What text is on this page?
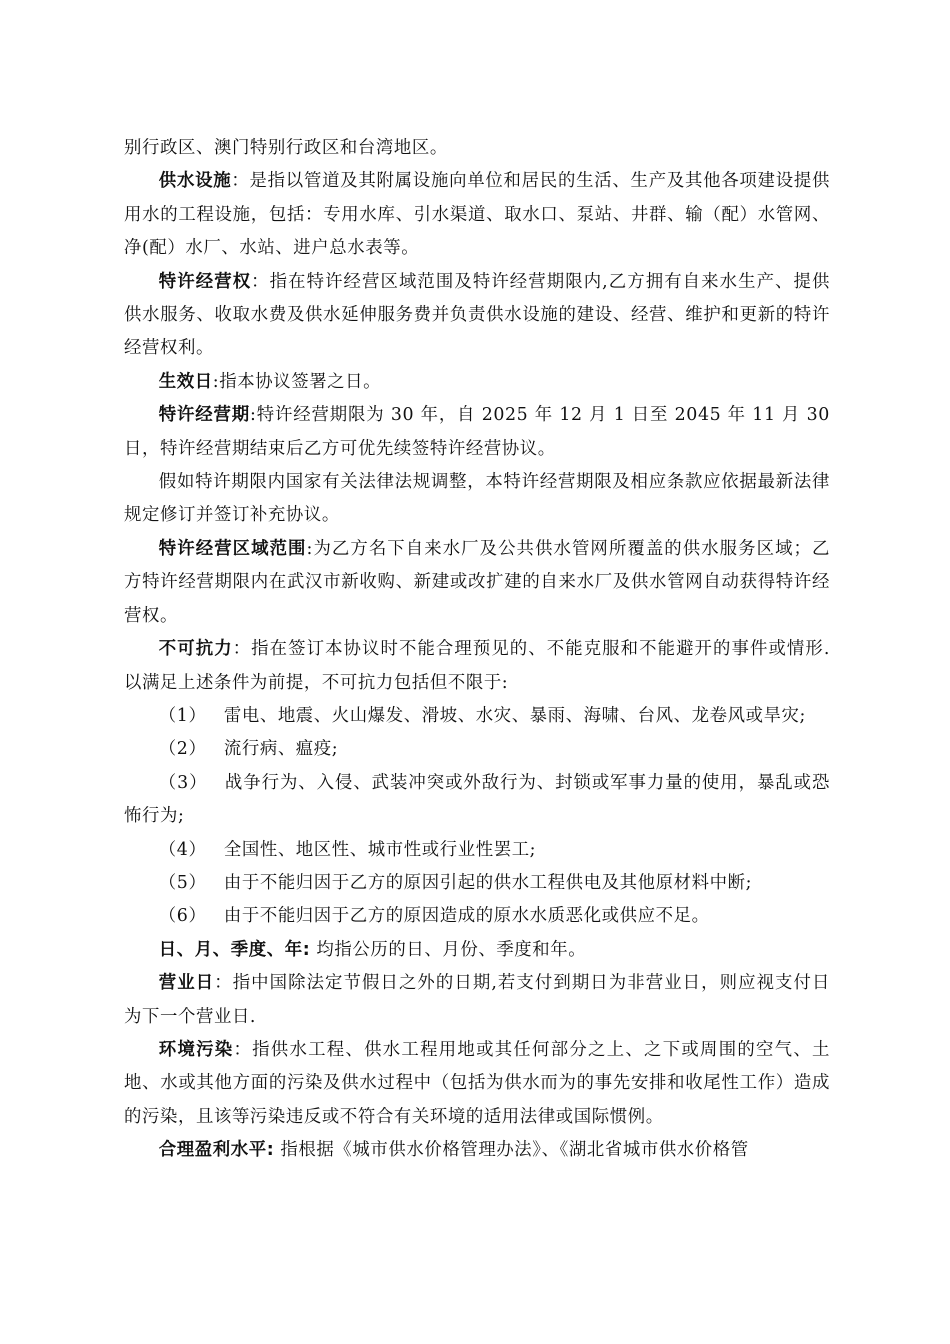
别行政区、澳门特别行政区和台湾地区。

供水设施：是指以管道及其附属设施向单位和居民的生活、生产及其他各项建设提供用水的工程设施，包括：专用水库、引水渠道、取水口、泵站、井群、输（配）水管网、净(配）水厂、水站、进户总水表等。

特许经营权：指在特许经营区域范围及特许经营期限内,乙方拥有自来水生产、提供供水服务、收取水费及供水延伸服务费并负责供水设施的建设、经营、维护和更新的特许经营权利。

生效日:指本协议签署之日。

特许经营期:特许经营期限为 30 年，自 2025 年 12 月 1 日至 2045 年 11 月 30 日，特许经营期结束后乙方可优先续签特许经营协议。

假如特许期限内国家有关法律法规调整，本特许经营期限及相应条款应依据最新法律规定修订并签订补充协议。

特许经营区域范围:为乙方名下自来水厂及公共供水管网所覆盖的供水服务区域；乙方特许经营期限内在武汉市新收购、新建或改扩建的自来水厂及供水管网自动获得特许经营权。

不可抗力：指在签订本协议时不能合理预见的、不能克服和不能避开的事件或情形.以满足上述条件为前提，不可抗力包括但不限于:

（1） 雷电、地震、火山爆发、滑坡、水灾、暴雨、海啸、台风、龙卷风或旱灾;

（2） 流行病、瘟疫;

（3） 战争行为、入侵、武装冲突或外敌行为、封锁或军事力量的使用，暴乱或恐怖行为;

（4） 全国性、地区性、城市性或行业性罢工;

（5） 由于不能归因于乙方的原因引起的供水工程供电及其他原材料中断;

（6） 由于不能归因于乙方的原因造成的原水水质恶化或供应不足。

日、月、季度、年: 均指公历的日、月份、季度和年。

营业日：指中国除法定节假日之外的日期,若支付到期日为非营业日，则应视支付日为下一个营业日.

环境污染：指供水工程、供水工程用地或其任何部分之上、之下或周围的空气、土地、水或其他方面的污染及供水过程中（包括为供水而为的事先安排和收尾性工作）造成的污染，且该等污染违反或不符合有关环境的适用法律或国际惯例。

合理盈利水平: 指根据《城市供水价格管理办法》、《湖北省城市供水价格管
